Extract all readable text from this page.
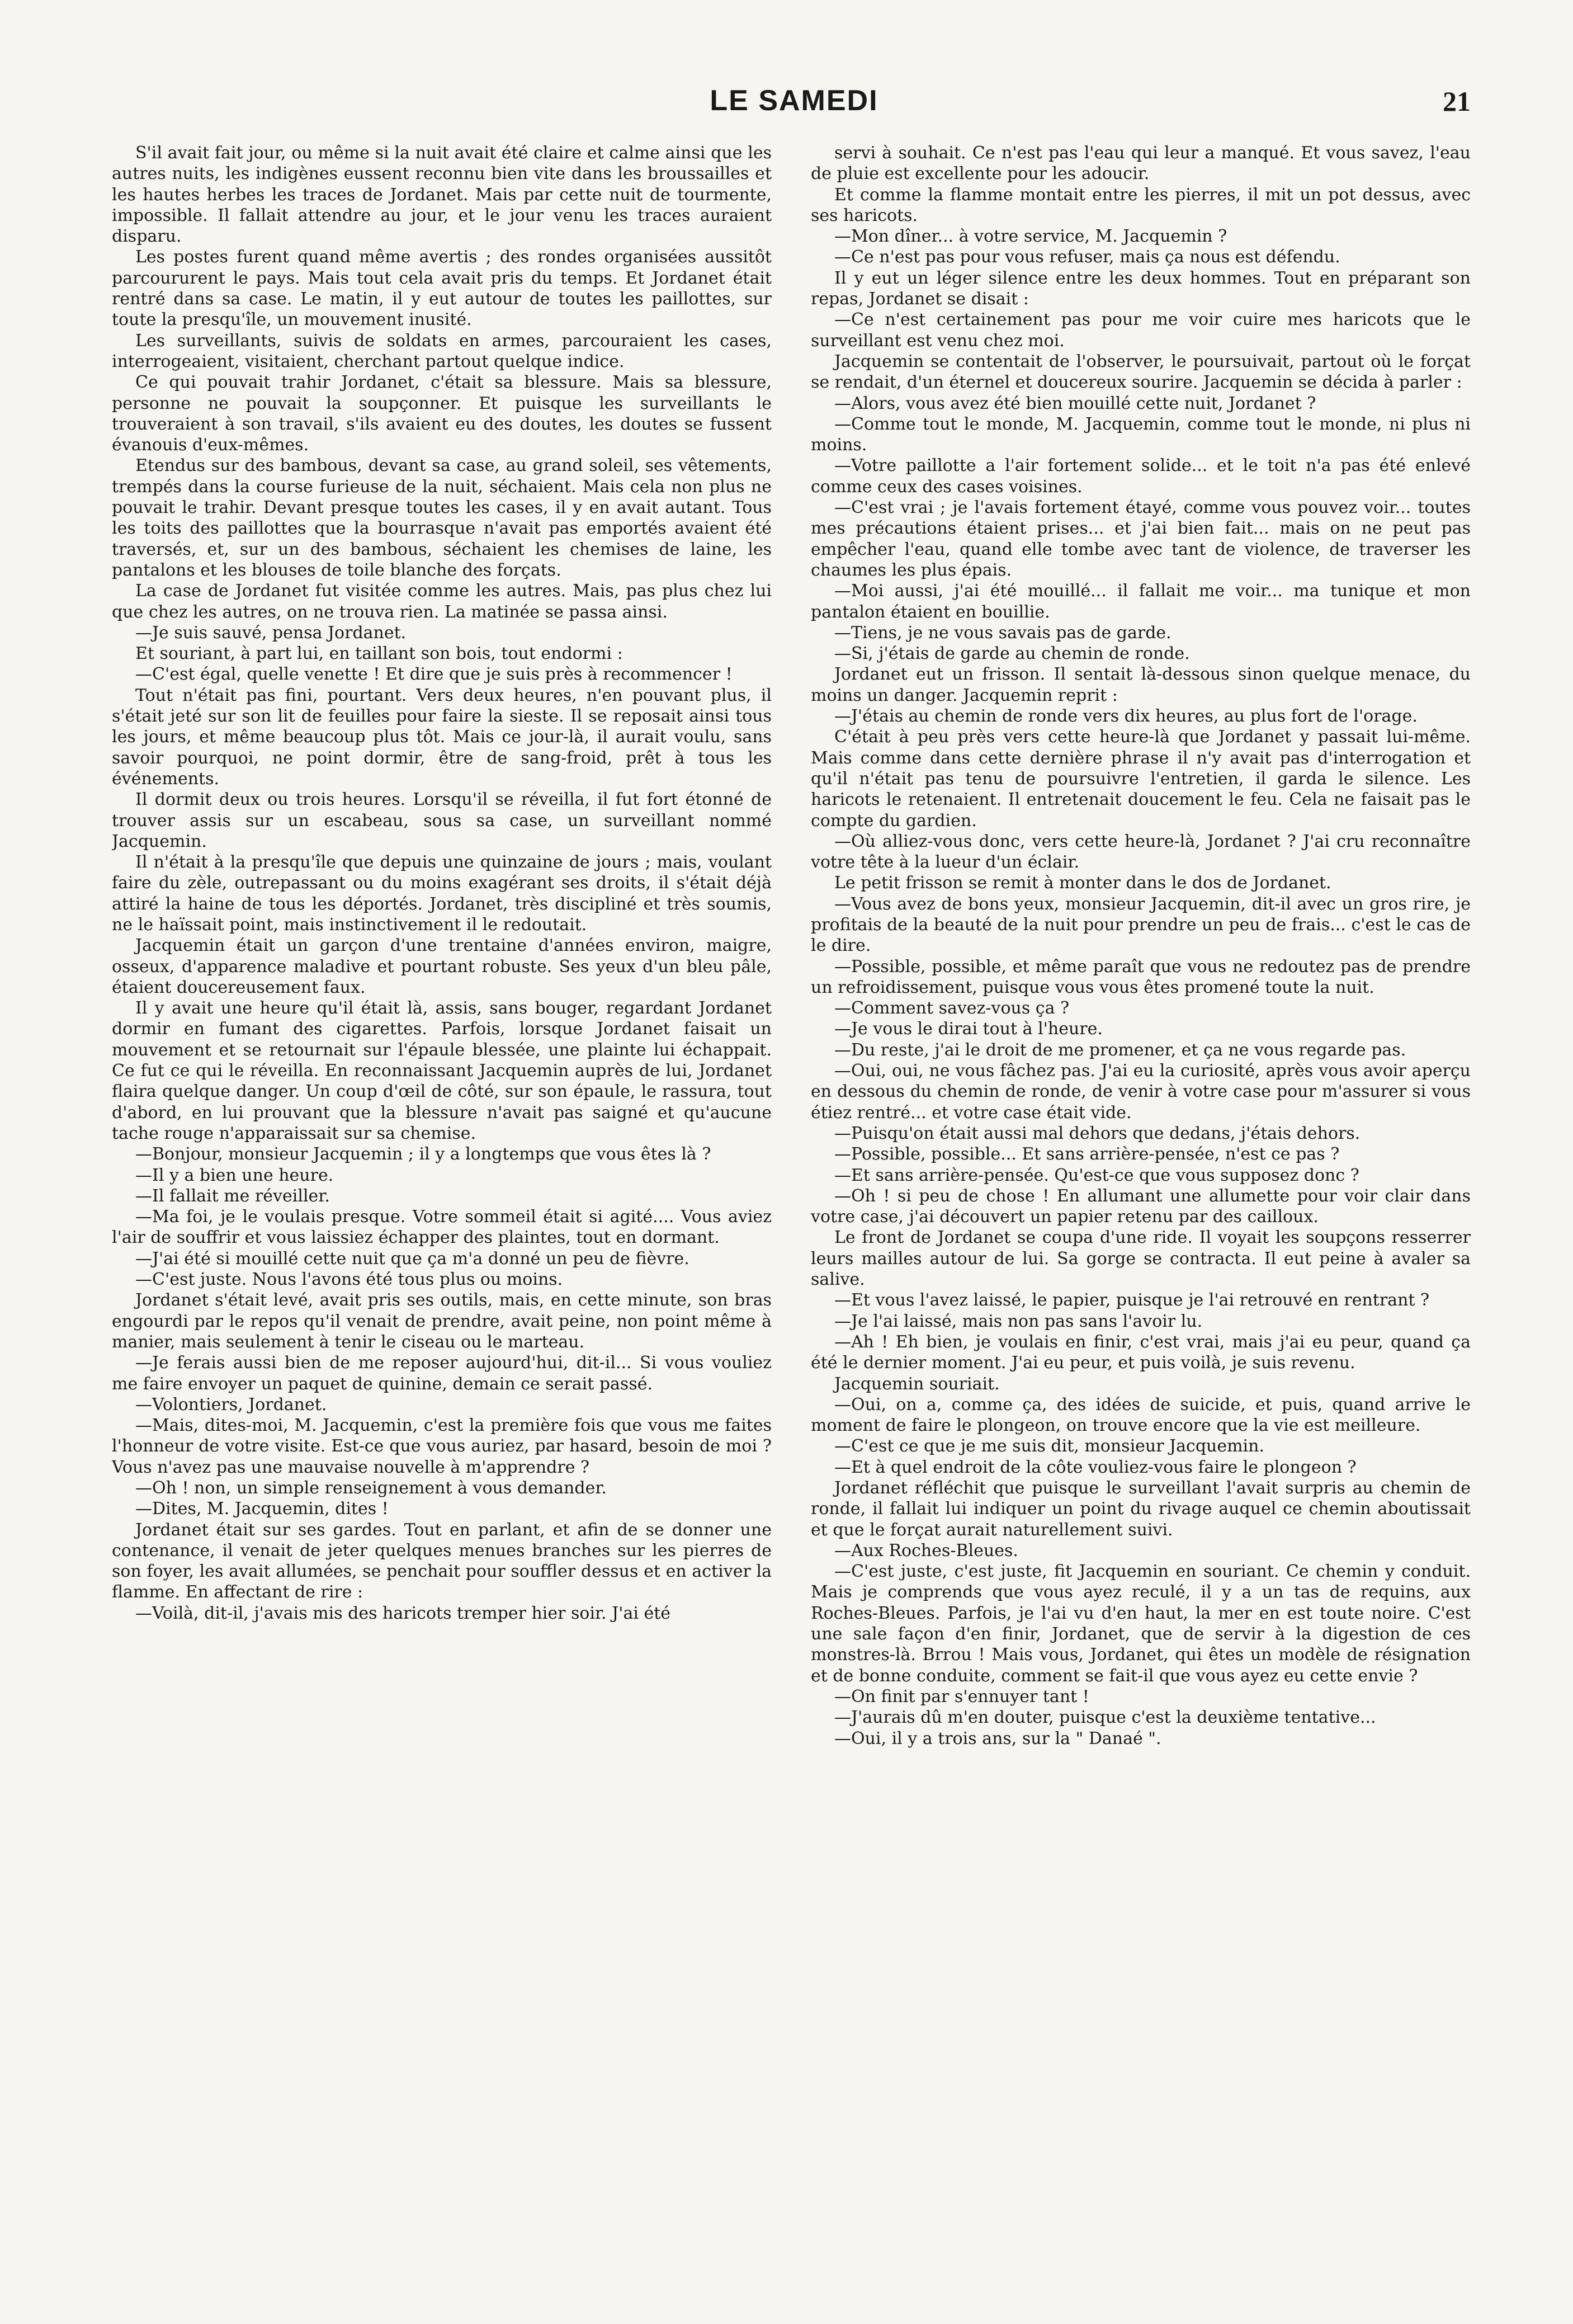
LE SAMEDI	21

S'il avait fait jour, ou même si la nuit avait été claire et calme ainsi que les autres nuits, les indigènes eussent reconnu bien vite dans les broussailles et les hautes herbes les traces de Jordanet. Mais par cette nuit de tourmente, impossible. Il fallait attendre au jour, et le jour venu les traces auraient disparu.

Les postes furent quand même avertis ; des rondes organisées aussitôt parcoururent le pays. Mais tout cela avait pris du temps. Et Jordanet était rentré dans sa case. Le matin, il y eut autour de toutes les paillottes, sur toute la presqu'île, un mouvement inusité.

Les surveillants, suivis de soldats en armes, parcouraient les cases, interrogeaient, visitaient, cherchant partout quelque indice.

Ce qui pouvait trahir Jordanet, c'était sa blessure. Mais sa blessure, personne ne pouvait la soupçonner. Et puisque les surveillants le trouveraient à son travail, s'ils avaient eu des doutes, les doutes se fussent évanouis d'eux-mêmes.

Etendus sur des bambous, devant sa case, au grand soleil, ses vêtements, trempés dans la course furieuse de la nuit, séchaient. Mais cela non plus ne pouvait le trahir. Devant presque toutes les cases, il y en avait autant. Tous les toits des paillottes que la bourrasque n'avait pas emportés avaient été traversés, et, sur un des bambous, séchaient les chemises de laine, les pantalons et les blouses de toile blanche des forçats.

La case de Jordanet fut visitée comme les autres. Mais, pas plus chez lui que chez les autres, on ne trouva rien. La matinée se passa ainsi.

—Je suis sauvé, pensa Jordanet.

Et souriant, à part lui, en taillant son bois, tout endormi :

—C'est égal, quelle venette ! Et dire que je suis près à recommencer !

Tout n'était pas fini, pourtant. Vers deux heures, n'en pouvant plus, il s'était jeté sur son lit de feuilles pour faire la sieste. Il se reposait ainsi tous les jours, et même beaucoup plus tôt. Mais ce jour-là, il aurait voulu, sans savoir pourquoi, ne point dormir, être de sang-froid, prêt à tous les événements.

Il dormit deux ou trois heures. Lorsqu'il se réveilla, il fut fort étonné de trouver assis sur un escabeau, sous sa case, un surveillant nommé Jacquemin.

Il n'était à la presqu'île que depuis une quinzaine de jours ; mais, voulant faire du zèle, outrepassant ou du moins exagérant ses droits, il s'était déjà attiré la haine de tous les déportés. Jordanet, très discipliné et très soumis, ne le haïssait point, mais instinctivement il le redoutait.

Jacquemin était un garçon d'une trentaine d'années environ, maigre, osseux, d'apparence maladive et pourtant robuste. Ses yeux d'un bleu pâle, étaient doucereusement faux.

Il y avait une heure qu'il était là, assis, sans bouger, regardant Jordanet dormir en fumant des cigarettes. Parfois, lorsque Jordanet faisait un mouvement et se retournait sur l'épaule blessée, une plainte lui échappait. Ce fut ce qui le réveilla. En reconnaissant Jacquemin auprès de lui, Jordanet flaira quelque danger. Un coup d'œil de côté, sur son épaule, le rassura, tout d'abord, en lui prouvant que la blessure n'avait pas saigné et qu'aucune tache rouge n'apparaissait sur sa chemise.

—Bonjour, monsieur Jacquemin ; il y a longtemps que vous êtes là ?

—Il y a bien une heure.

—Il fallait me réveiller.

—Ma foi, je le voulais presque. Votre sommeil était si agité.... Vous aviez l'air de souffrir et vous laissiez échapper des plaintes, tout en dormant.

—J'ai été si mouillé cette nuit que ça m'a donné un peu de fièvre.

—C'est juste. Nous l'avons été tous plus ou moins.

Jordanet s'était levé, avait pris ses outils, mais, en cette minute, son bras engourdi par le repos qu'il venait de prendre, avait peine, non point même à manier, mais seulement à tenir le ciseau ou le marteau.

—Je ferais aussi bien de me reposer aujourd'hui, dit-il... Si vous vouliez me faire envoyer un paquet de quinine, demain ce serait passé.

—Volontiers, Jordanet.

—Mais, dites-moi, M. Jacquemin, c'est la première fois que vous me faites l'honneur de votre visite. Est-ce que vous auriez, par hasard, besoin de moi ? Vous n'avez pas une mauvaise nouvelle à m'apprendre ?

—Oh ! non, un simple renseignement à vous demander.

—Dites, M. Jacquemin, dites !

Jordanet était sur ses gardes. Tout en parlant, et afin de se donner une contenance, il venait de jeter quelques menues branches sur les pierres de son foyer, les avait allumées, se penchait pour souffler dessus et en activer la flamme. En affectant de rire :

—Voilà, dit-il, j'avais mis des haricots tremper hier soir. J'ai été

servi à souhait. Ce n'est pas l'eau qui leur a manqué. Et vous savez, l'eau de pluie est excellente pour les adoucir.

Et comme la flamme montait entre les pierres, il mit un pot dessus, avec ses haricots.

—Mon dîner... à votre service, M. Jacquemin ?

—Ce n'est pas pour vous refuser, mais ça nous est défendu.

Il y eut un léger silence entre les deux hommes. Tout en préparant son repas, Jordanet se disait :

—Ce n'est certainement pas pour me voir cuire mes haricots que le surveillant est venu chez moi.

Jacquemin se contentait de l'observer, le poursuivait, partout où le forçat se rendait, d'un éternel et doucereux sourire. Jacquemin se décida à parler :

—Alors, vous avez été bien mouillé cette nuit, Jordanet ?

—Comme tout le monde, M. Jacquemin, comme tout le monde, ni plus ni moins.

—Votre paillotte a l'air fortement solide... et le toit n'a pas été enlevé comme ceux des cases voisines.

—C'est vrai ; je l'avais fortement étayé, comme vous pouvez voir... toutes mes précautions étaient prises... et j'ai bien fait... mais on ne peut pas empêcher l'eau, quand elle tombe avec tant de violence, de traverser les chaumes les plus épais.

—Moi aussi, j'ai été mouillé... il fallait me voir... ma tunique et mon pantalon étaient en bouillie.

—Tiens, je ne vous savais pas de garde.

—Si, j'étais de garde au chemin de ronde.

Jordanet eut un frisson. Il sentait là-dessous sinon quelque menace, du moins un danger. Jacquemin reprit :

—J'étais au chemin de ronde vers dix heures, au plus fort de l'orage.

C'était à peu près vers cette heure-là que Jordanet y passait lui-même. Mais comme dans cette dernière phrase il n'y avait pas d'interrogation et qu'il n'était pas tenu de poursuivre l'entretien, il garda le silence. Les haricots le retenaient. Il entretenait doucement le feu. Cela ne faisait pas le compte du gardien.

—Où alliez-vous donc, vers cette heure-là, Jordanet ? J'ai cru reconnaître votre tête à la lueur d'un éclair.

Le petit frisson se remit à monter dans le dos de Jordanet.

—Vous avez de bons yeux, monsieur Jacquemin, dit-il avec un gros rire, je profitais de la beauté de la nuit pour prendre un peu de frais... c'est le cas de le dire.

—Possible, possible, et même paraît que vous ne redoutez pas de prendre un refroidissement, puisque vous vous êtes promené toute la nuit.

—Comment savez-vous ça ?

—Je vous le dirai tout à l'heure.

—Du reste, j'ai le droit de me promener, et ça ne vous regarde pas.

—Oui, oui, ne vous fâchez pas. J'ai eu la curiosité, après vous avoir aperçu en dessous du chemin de ronde, de venir à votre case pour m'assurer si vous étiez rentré... et votre case était vide.

—Puisqu'on était aussi mal dehors que dedans, j'étais dehors.

—Possible, possible... Et sans arrière-pensée, n'est ce pas ?

—Et sans arrière-pensée. Qu'est-ce que vous supposez donc ?

—Oh ! si peu de chose ! En allumant une allumette pour voir clair dans votre case, j'ai découvert un papier retenu par des cailloux.

Le front de Jordanet se coupa d'une ride. Il voyait les soupçons resserrer leurs mailles autour de lui. Sa gorge se contracta. Il eut peine à avaler sa salive.

—Et vous l'avez laissé, le papier, puisque je l'ai retrouvé en rentrant ?

—Je l'ai laissé, mais non pas sans l'avoir lu.

—Ah ! Eh bien, je voulais en finir, c'est vrai, mais j'ai eu peur, quand ça été le dernier moment. J'ai eu peur, et puis voilà, je suis revenu.

Jacquemin souriait.

—Oui, on a, comme ça, des idées de suicide, et puis, quand arrive le moment de faire le plongeon, on trouve encore que la vie est meilleure.

—C'est ce que je me suis dit, monsieur Jacquemin.

—Et à quel endroit de la côte vouliez-vous faire le plongeon ?

Jordanet réfléchit que puisque le surveillant l'avait surpris au chemin de ronde, il fallait lui indiquer un point du rivage auquel ce chemin aboutissait et que le forçat aurait naturellement suivi.

—Aux Roches-Bleues.

—C'est juste, c'est juste, fit Jacquemin en souriant. Ce chemin y conduit. Mais je comprends que vous ayez reculé, il y a un tas de requins, aux Roches-Bleues. Parfois, je l'ai vu d'en haut, la mer en est toute noire. C'est une sale façon d'en finir, Jordanet, que de servir à la digestion de ces monstres-là. Brrou ! Mais vous, Jordanet, qui êtes un modèle de résignation et de bonne conduite, comment se fait-il que vous ayez eu cette envie ?

—On finit par s'ennuyer tant !

—J'aurais dû m'en douter, puisque c'est la deuxième tentative...

—Oui, il y a trois ans, sur la " Danaé ".
